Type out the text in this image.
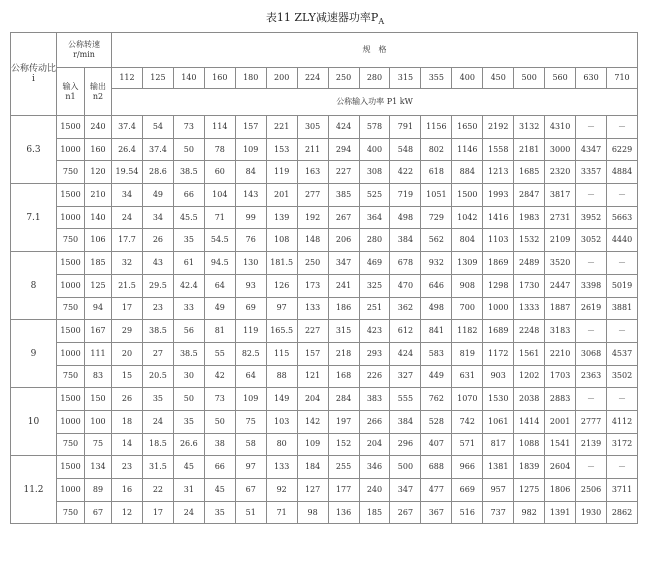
表11 ZLY减速器功率$P_A$
公称传动比 i	公称转速 r/min		规　格																
	输入 n1	输出 n2	112	125	140	160	180	200	224	250	280	315	355	400	450	500	560	630	710
			公称输入功率 P1 kW																
6.3	1500	240	37.4	54	73	114	157	221	305	424	578	791	1156	1650	2192	3132	4310	－	－
	1000	160	26.4	37.4	50	78	109	153	211	294	400	548	802	1146	1558	2181	3000	4347	6229
	750	120	19.54	28.6	38.5	60	84	119	163	227	308	422	618	884	1213	1685	2320	3357	4884
7.1	1500	210	34	49	66	104	143	201	277	385	525	719	1051	1500	1993	2847	3817	－	－
	1000	140	24	34	45.5	71	99	139	192	267	364	498	729	1042	1416	1983	2731	3952	5663
	750	106	17.7	26	35	54.5	76	108	148	206	280	384	562	804	1103	1532	2109	3052	4440
8	1500	185	32	43	61	94.5	130	181.5	250	347	469	678	932	1309	1869	2489	3520	－	－
	1000	125	21.5	29.5	42.4	64	93	126	173	241	325	470	646	908	1298	1730	2447	3398	5019
	750	94	17	23	33	49	69	97	133	186	251	362	498	700	1000	1333	1887	2619	3881
9	1500	167	29	38.5	56	81	119	165.5	227	315	423	612	841	1182	1689	2248	3183	－	－
	1000	111	20	27	38.5	55	82.5	115	157	218	293	424	583	819	1172	1561	2210	3068	4537
	750	83	15	20.5	30	42	64	88	121	168	226	327	449	631	903	1202	1703	2363	3502
10	1500	150	26	35	50	73	109	149	204	284	383	555	762	1070	1530	2038	2883	－	－
	1000	100	18	24	35	50	75	103	142	197	266	384	528	742	1061	1414	2001	2777	4112
	750	75	14	18.5	26.6	38	58	80	109	152	204	296	407	571	817	1088	1541	2139	3172
11.2	1500	134	23	31.5	45	66	97	133	184	255	346	500	688	966	1381	1839	2604	－	－
	1000	89	16	22	31	45	67	92	127	177	240	347	477	669	957	1275	1806	2506	3711
	750	67	12	17	24	35	51	71	98	136	185	267	367	516	737	982	1391	1930	2862
